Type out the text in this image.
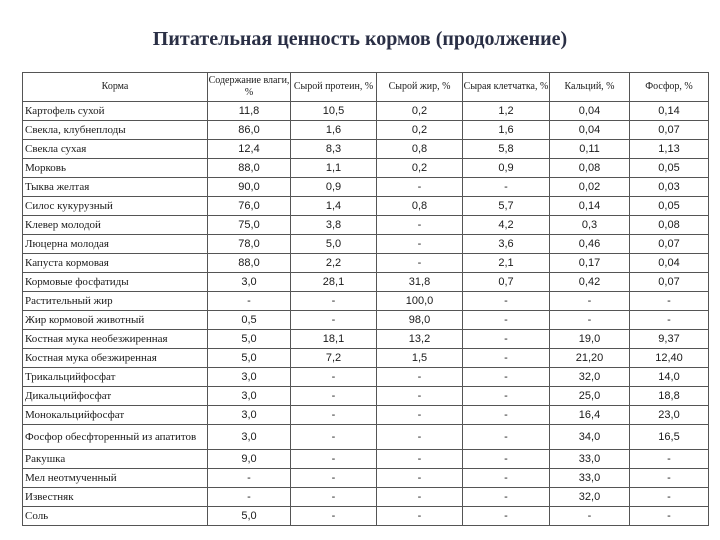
Питательная ценность кормов (продолжение)
Корма	Содержание влаги, %	Сырой протеин, %	Сырой жир, %	Сырая клетчатка, %	Кальций, %	Фосфор, %
Картофель сухой	11,8	10,5	0,2	1,2	0,04	0,14
Свекла, клубнеплоды	86,0	1,6	0,2	1,6	0,04	0,07
Свекла сухая	12,4	8,3	0,8	5,8	0,11	1,13
Морковь	88,0	1,1	0,2	0,9	0,08	0,05
Тыква желтая	90,0	0,9	-	-	0,02	0,03
Силос кукурузный	76,0	1,4	0,8	5,7	0,14	0,05
Клевер молодой	75,0	3,8	-	4,2	0,3	0,08
Люцерна молодая	78,0	5,0	-	3,6	0,46	0,07
Капуста кормовая	88,0	2,2	-	2,1	0,17	0,04
Кормовые фосфатиды	3,0	28,1	31,8	0,7	0,42	0,07
Растительный жир	-	-	100,0	-	-	-
Жир кормовой животный	0,5	-	98,0	-	-	-
Костная мука необезжиренная	5,0	18,1	13,2	-	19,0	9,37
Костная мука обезжиренная	5,0	7,2	1,5	-	21,20	12,40
Трикальцийфосфат	3,0	-	-	-	32,0	14,0
Дикальцийфосфат	3,0	-	-	-	25,0	18,8
Монокальцийфосфат	3,0	-	-	-	16,4	23,0
Фосфор обесфторенный из апатитов	3,0	-	-	-	34,0	16,5
Ракушка	9,0	-	-	-	33,0	-
Мел неотмученный	-	-	-	-	33,0	-
Известняк	-	-	-	-	32,0	-
Соль	5,0	-	-	-	-	-
